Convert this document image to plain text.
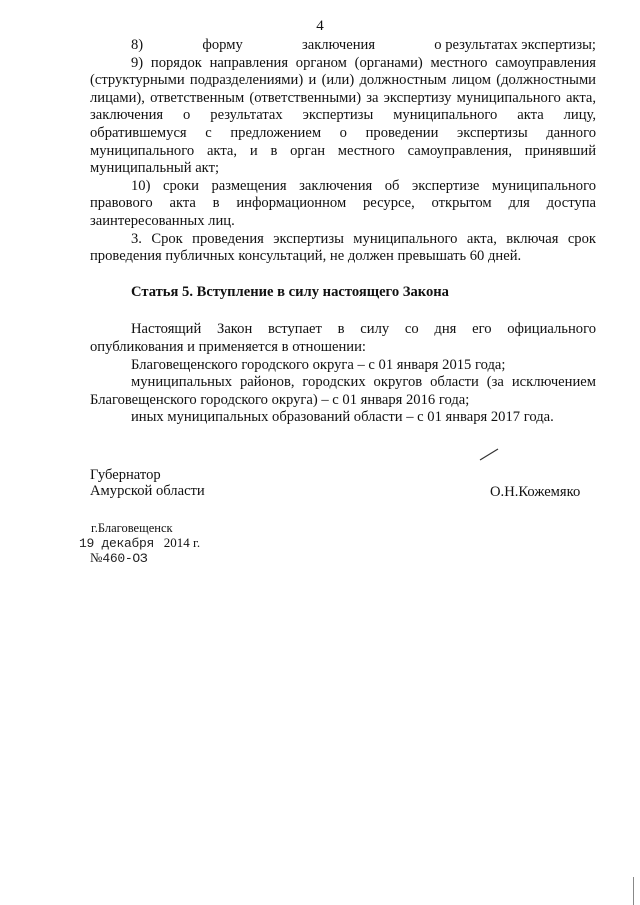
4

8)	форму	заключения	о результатах экспертизы;

9) порядок направления органом (органами) местного самоуправления (структурными подразделениями) и (или) должностным лицом (должностными лицами), ответственным (ответственными) за экспертизу муниципального акта, заключения о результатах экспертизы муниципального акта лицу, обратившемуся с предложением о проведении экспертизы данного муниципального акта, и в орган местного самоуправления, принявший муниципальный акт;

10) сроки размещения заключения об экспертизе муниципального правового акта в информационном ресурсе, открытом для доступа заинтересованных лиц.

3. Срок проведения экспертизы муниципального акта, включая срок проведения публичных консультаций, не должен превышать 60 дней.

Статья 5. Вступление в силу настоящего Закона

Настоящий Закон вступает в силу со дня его официального опубликования и применяется в отношении:

Благовещенского городского округа – с 01 января 2015 года;

муниципальных районов, городских округов области (за исключением Благовещенского городского округа) – с 01 января 2016 года;

иных муниципальных образований области – с 01 января 2017 года.

Губернатор
Амурской области	О.Н.Кожемяко
г.Благовещенск
19 декабря 2014 г.
№460-ОЗ
